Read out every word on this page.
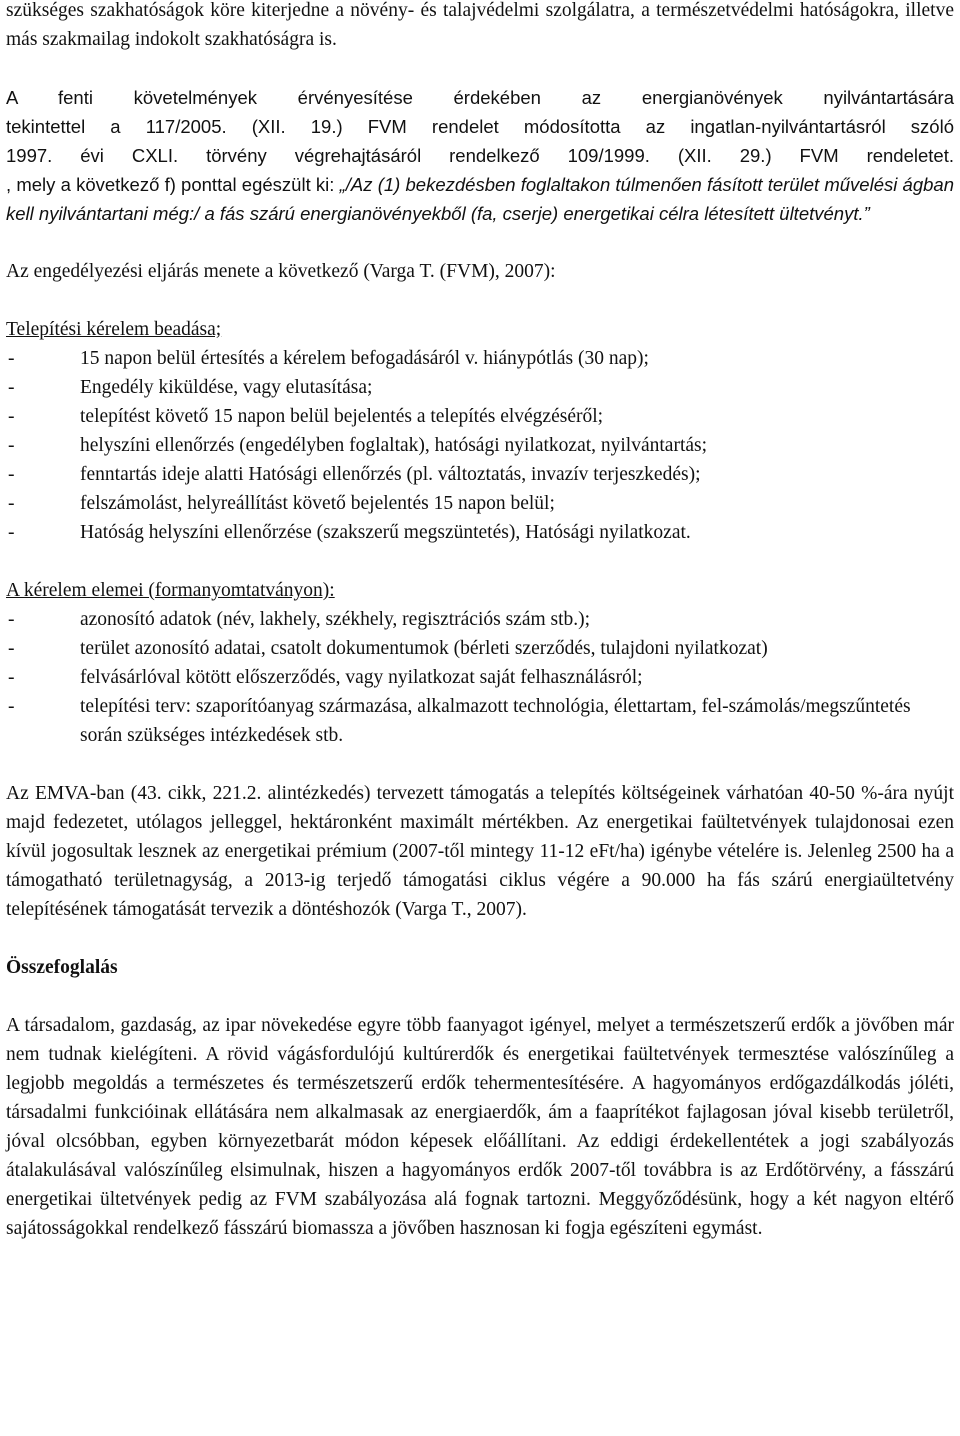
szükséges szakhatóságok köre kiterjedne a növény- és talajvédelmi szolgálatra, a természetvédelmi hatóságokra, illetve más szakmailag indokolt szakhatóságra is.

A fenti követelmények érvényesítése érdekében az energianövények nyilvántartására

tekintettel a 117/2005. (XII. 19.) FVM rendelet módosította az ingatlan-nyilvántartásról szóló

1997. évi CXLI. törvény végrehajtásáról rendelkező 109/1999. (XII. 29.) FVM rendeletet.

, mely a következő f) ponttal egészült ki: „/Az (1) bekezdésben foglaltakon túlmenően fásított terület művelési ágban kell nyilvántartani még:/ a fás szárú energianövényekből (fa, cserje) energetikai célra létesített ültetvényt.”

Az engedélyezési eljárás menete a következő (Varga T. (FVM), 2007):

Telepítési kérelem beadása;

15 napon belül értesítés a kérelem befogadásáról v. hiánypótlás (30 nap);
Engedély kiküldése, vagy elutasítása;
telepítést követő 15 napon belül bejelentés a telepítés elvégzéséről;
helyszíni ellenőrzés (engedélyben foglaltak), hatósági nyilatkozat, nyilvántartás;
fenntartás ideje alatti Hatósági ellenőrzés (pl. változtatás, invazív terjeszkedés);
felszámolást, helyreállítást követő bejelentés 15 napon belül;
Hatóság helyszíni ellenőrzése (szakszerű megszüntetés), Hatósági nyilatkozat.

A kérelem elemei (formanyomtatványon):

azonosító adatok (név, lakhely, székhely, regisztrációs szám stb.);
terület azonosító adatai, csatolt dokumentumok (bérleti szerződés, tulajdoni nyilatkozat)
felvásárlóval kötött előszerződés, vagy nyilatkozat saját felhasználásról;
telepítési terv: szaporítóanyag származása, alkalmazott technológia, élettartam, fel-számolás/megszűntetés során szükséges intézkedések stb.

Az EMVA-ban (43. cikk, 221.2. alintézkedés) tervezett támogatás a telepítés költségeinek várhatóan 40-50 %-ára nyújt majd fedezetet, utólagos jelleggel, hektáronként maximált mértékben. Az energetikai faültetvények tulajdonosai ezen kívül jogosultak lesznek az energetikai prémium (2007-től mintegy 11-12 eFt/ha) igénybe vételére is. Jelenleg 2500 ha a támogatható területnagyság, a 2013-ig terjedő támogatási ciklus végére a 90.000 ha fás szárú energiaültetvény telepítésének támogatását tervezik a döntéshozók (Varga T., 2007).

Összefoglalás

A társadalom, gazdaság, az ipar növekedése egyre több faanyagot igényel, melyet a természetszerű erdők a jövőben már nem tudnak kielégíteni. A rövid vágásfordulójú kultúrerdők és energetikai faültetvények termesztése valószínűleg a legjobb megoldás a természetes és természetszerű erdők tehermentesítésére. A hagyományos erdőgazdálkodás jóléti, társadalmi funkcióinak ellátására nem alkalmasak az energiaerdők, ám a faaprítékot fajlagosan jóval kisebb területről, jóval olcsóbban, egyben környezetbarát módon képesek előállítani. Az eddigi érdekellentétek a jogi szabályozás átalakulásával valószínűleg elsimulnak, hiszen a hagyományos erdők 2007-től továbbra is az Erdőtörvény, a fásszárú energetikai ültetvények pedig az FVM szabályozása alá fognak tartozni. Meggyőződésünk, hogy a két nagyon eltérő sajátosságokkal rendelkező fásszárú biomassza a jövőben hasznosan ki fogja egészíteni egymást.
